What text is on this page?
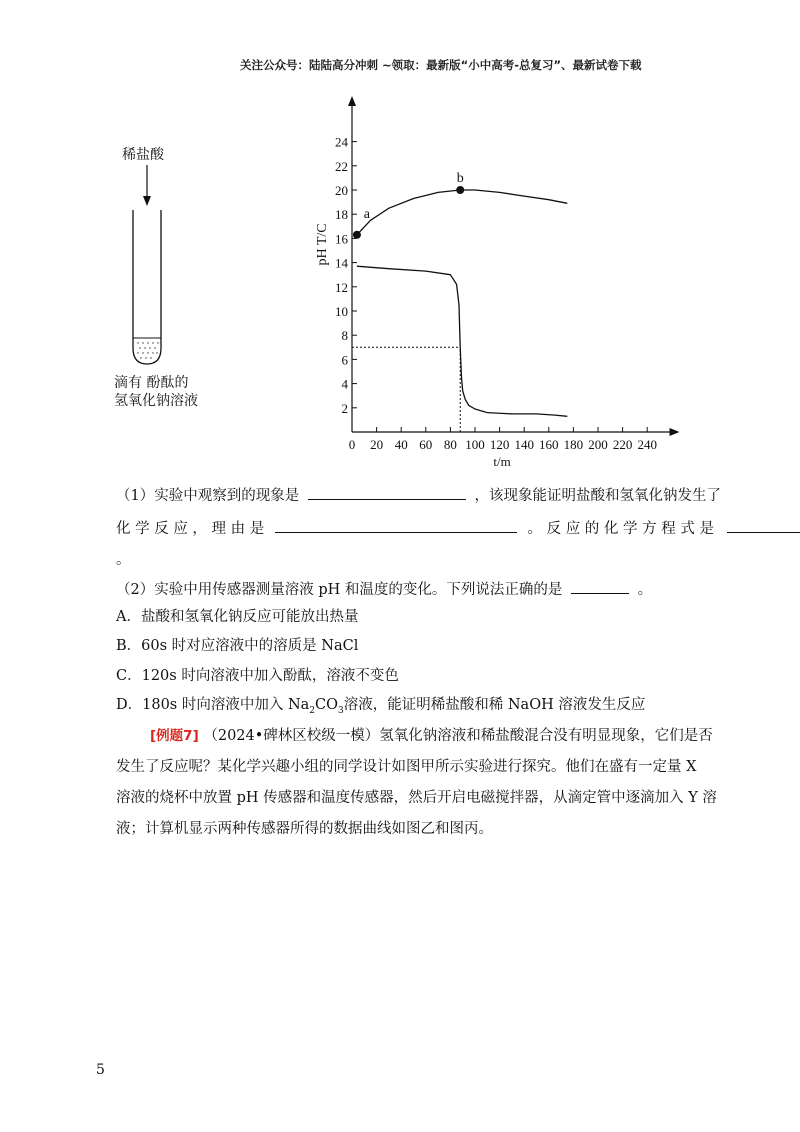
关注公众号：陆陆高分冲刺 ~领取：最新版“小中高考-总复习”、最新试卷下载
稀盐酸
滴有 酚酞的
氢氧化钠溶液
0 20 40 60 80 100 120 140 160 180 200 220 240
2
4
6
8
10
12
14
16
18
20
22
24
t/m
pH T/C
a
b
（1）实验中观察到的现象是	，该现象能证明盐酸和氢氧化钠发生了
化 学 反 应 ， 理 由 是	。 反 应 的 化 学 方 程 式 是
。
（2）实验中用传感器测量溶液 pH 和温度的变化。下列说法正确的是	。
A．盐酸和氢氧化钠反应可能放出热量
B．60s 时对应溶液中的溶质是 NaCl
C．120s 时向溶液中加入酚酞，溶液不变色
D．180s 时向溶液中加入 $Na_2CO_3$溶液，能证明稀盐酸和稀 NaOH 溶液发生反应
[例题7] （2024•碑林区校级一模）氢氧化钠溶液和稀盐酸混合没有明显现象，它们是否
发生了反应呢？某化学兴趣小组的同学设计如图甲所示实验进行探究。他们在盛有一定量 X
溶液的烧杯中放置 pH 传感器和温度传感器，然后开启电磁搅拌器，从滴定管中逐滴加入 Y 溶
液；计算机显示两种传感器所得的数据曲线如图乙和图丙。
5
